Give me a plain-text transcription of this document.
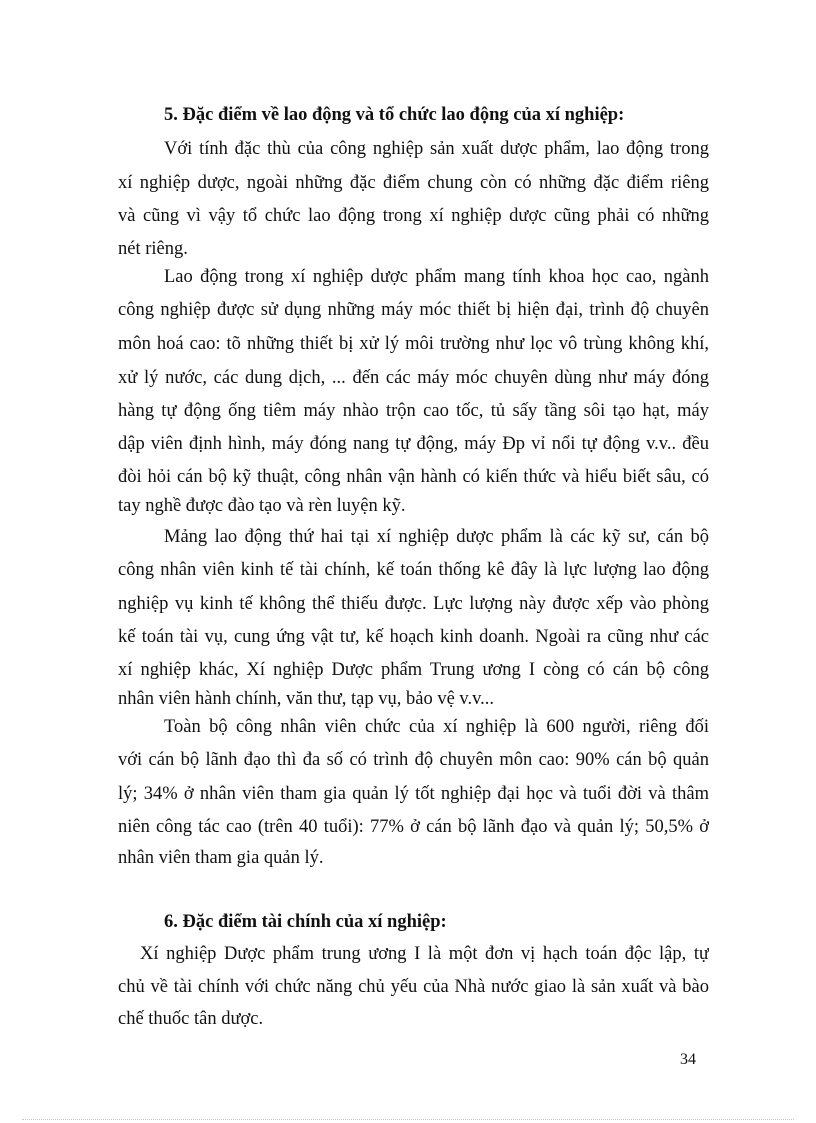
5. Đặc điểm về lao động và tổ chức lao động của xí nghiệp:
Với tính đặc thù của công nghiệp sản xuất dược phẩm, lao động trong
xí nghiệp dược, ngoài những đặc điểm chung còn có những đặc điểm riêng
và cũng vì vậy tổ chức lao động trong xí nghiệp dược cũng phải có những
nét riêng.
Lao động trong xí nghiệp dược phẩm mang tính khoa học cao, ngành
công nghiệp được sử dụng những máy móc thiết bị hiện đại, trình độ chuyên
môn hoá cao: tõ những thiết bị xử lý môi trường như lọc vô trùng không khí,
xử lý nước, các dung dịch, ... đến các máy móc chuyên dùng như máy đóng
hàng tự động ống tiêm máy nhào trộn cao tốc, tủ sấy tầng sôi tạo hạt, máy
dập viên định hình, máy đóng nang tự động, máy Ðp vỉ nổi tự động v.v.. đều
đòi hỏi cán bộ kỹ thuật, công nhân vận hành có kiến thức và hiểu biết sâu, có
tay nghề được đào tạo và rèn luyện kỹ.
Mảng lao động thứ hai tại xí nghiệp dược phẩm là các kỹ sư, cán bộ
công nhân viên kinh tế tài chính, kế toán thống kê đây là lực lượng lao động
nghiệp vụ kinh tế không thể thiếu được. Lực lượng này được xếp vào phòng
kế toán tài vụ, cung ứng vật tư, kế hoạch kinh doanh. Ngoài ra cũng như các
xí nghiệp khác, Xí nghiệp Dược phẩm Trung ương I còng có cán bộ công
nhân viên hành chính, văn thư, tạp vụ, bảo vệ v.v...
Toàn bộ công nhân viên chức của xí nghiệp là 600 người, riêng đối
với cán bộ lãnh đạo thì đa số có trình độ chuyên môn cao: 90% cán bộ quản
lý; 34% ở nhân viên tham gia quản lý tốt nghiệp đại học và tuổi đời và thâm
niên công tác cao (trên 40 tuổi): 77% ở cán bộ lãnh đạo và quản lý; 50,5% ở
nhân viên tham gia quản lý.
6. Đặc điểm tài chính của xí nghiệp:
Xí nghiệp Dược phẩm trung ương I là một đơn vị hạch toán độc lập, tự
chủ về tài chính với chức năng chủ yếu của Nhà nước giao là sản xuất và bào
chế thuốc tân dược.
34
